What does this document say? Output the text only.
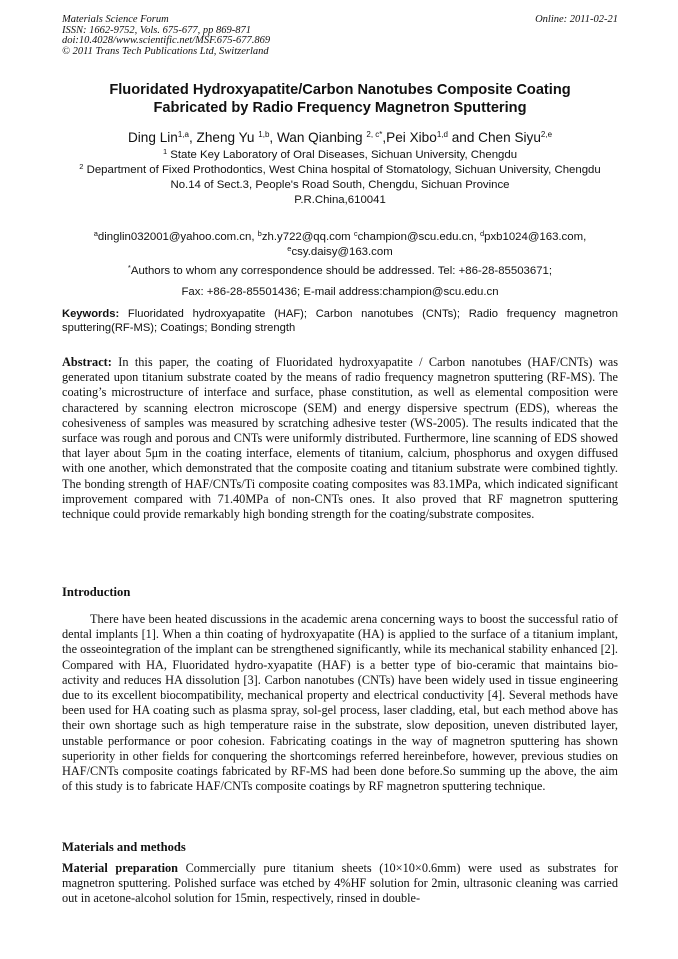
Materials Science Forum
ISSN: 1662-9752, Vols. 675-677, pp 869-871
doi:10.4028/www.scientific.net/MSF.675-677.869
© 2011 Trans Tech Publications Ltd, Switzerland
Online: 2011-02-21
Fluoridated Hydroxyapatite/Carbon Nanotubes Composite Coating
Fabricated by Radio Frequency Magnetron Sputtering
Ding Lin$^{1,a}$, Zheng Yu $^{1,b}$, Wan Qianbing $^{2, c*}$,Pei Xibo$^{1,d}$ and Chen Siyu$^{2,e}$
$^1$ State Key Laboratory of Oral Diseases, Sichuan University, Chengdu
$^2$ Department of Fixed Prothodontics, West China hospital of Stomatology, Sichuan University, Chengdu
No.14 of Sect.3, People's Road South, Chengdu, Sichuan Province
P.R.China,610041
$^a$dinglin032001@yahoo.com.cn, $^b$zh.y722@qq.com $^c$champion@scu.edu.cn, $^d$pxb1024@163.com,
$^e$csy.daisy@163.com
*Authors to whom any correspondence should be addressed. Tel: +86-28-85503671;
Fax: +86-28-85501436; E-mail address:champion@scu.edu.cn
Keywords: Fluoridated hydroxyapatite (HAF); Carbon nanotubes (CNTs); Radio frequency magnetron sputtering(RF-MS); Coatings; Bonding strength
Abstract: In this paper, the coating of Fluoridated hydroxyapatite / Carbon nanotubes (HAF/CNTs) was generated upon titanium substrate coated by the means of radio frequency magnetron sputtering (RF-MS). The coating’s microstructure of interface and surface, phase constitution, as well as elemental composition were charactered by scanning electron microscope (SEM) and energy dispersive spectrum (EDS), whereas the cohesiveness of samples was measured by scratching adhesive tester (WS-2005). The results indicated that the surface was rough and porous and CNTs were uniformly distributed. Furthermore, line scanning of EDS showed that layer about 5μm in the coating interface, elements of titanium, calcium, phosphorus and oxygen diffused with one another, which demonstrated that the composite coating and titanium substrate were combined tightly. The bonding strength of HAF/CNTs/Ti composite coating composites was 83.1MPa, which indicated significant improvement compared with 71.40MPa of non-CNTs ones. It also proved that RF magnetron sputtering technique could provide remarkably high bonding strength for the coating/substrate composites.
Introduction
There have been heated discussions in the academic arena concerning ways to boost the successful ratio of dental implants [1]. When a thin coating of hydroxyapatite (HA) is applied to the surface of a titanium implant, the osseointegration of the implant can be strengthened significantly, while its mechanical stability enhanced [2]. Compared with HA, Fluoridated hydro-xyapatite (HAF) is a better type of bio-ceramic that maintains bio-activity and reduces HA dissolution [3]. Carbon nanotubes (CNTs) have been widely used in tissue engineering due to its excellent biocompatibility, mechanical property and electrical conductivity [4]. Several methods have been used for HA coating such as plasma spray, sol-gel process, laser cladding, etal, but each method above has their own shortage such as high temperature raise in the substrate, slow deposition, uneven distributed layer, unstable performance or poor cohesion. Fabricating coatings in the way of magnetron sputtering has shown superiority in other fields for conquering the shortcomings referred hereinbefore, however, previous studies on HAF/CNTs composite coatings fabricated by RF-MS had been done before.So summing up the above, the aim of this study is to fabricate HAF/CNTs composite coatings by RF magnetron sputtering technique.
Materials and methods
Material preparation Commercially pure titanium sheets (10×10×0.6mm) were used as substrates for magnetron sputtering. Polished surface was etched by 4%HF solution for 2min, ultrasonic cleaning was carried out in acetone-alcohol solution for 15min, respectively, rinsed in double-
